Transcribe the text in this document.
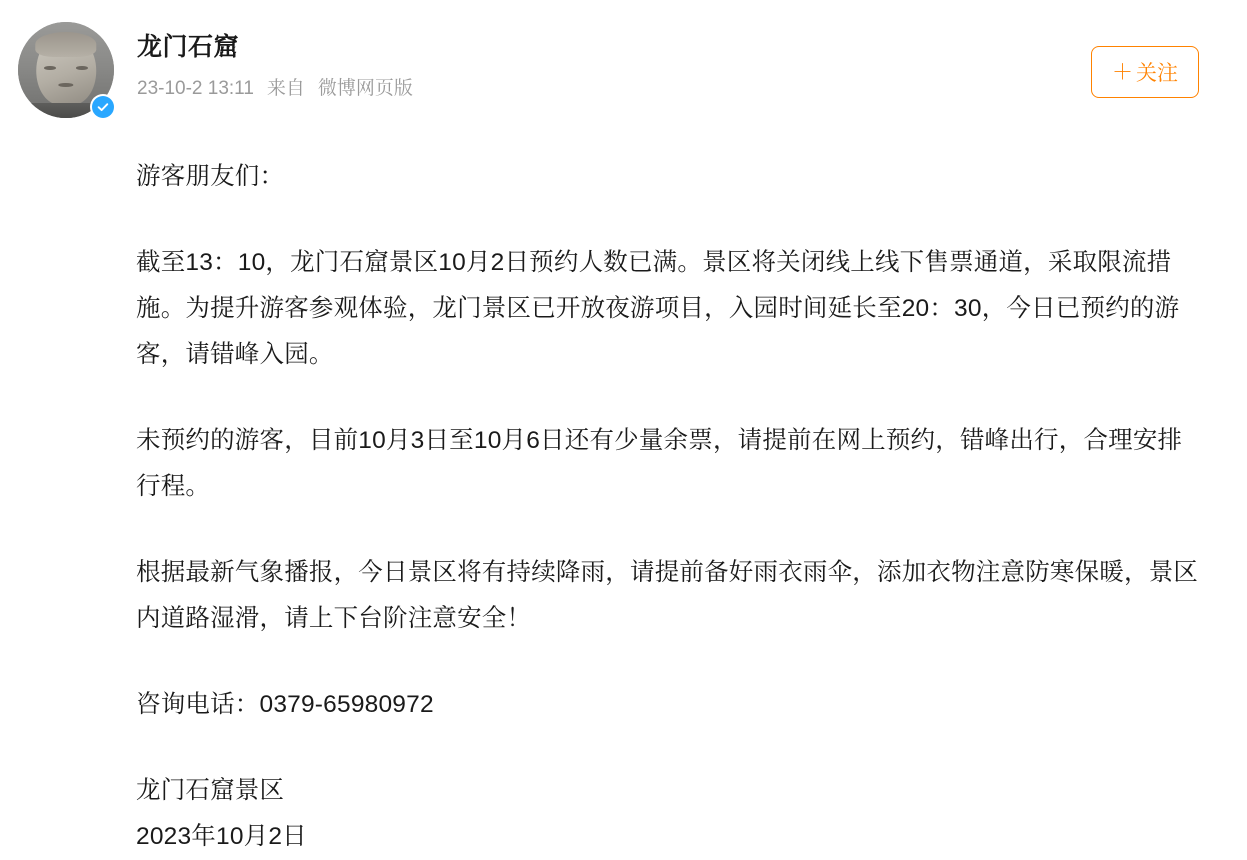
龙门石窟
23-10-2 13:11 来自 微博网页版
＋ 关注

游客朋友们：

截至13：10，龙门石窟景区10月2日预约人数已满。景区将关闭线上线下售票通道，采取限流措施。为提升游客参观体验，龙门景区已开放夜游项目，入园时间延长至20：30，今日已预约的游客，请错峰入园。

未预约的游客，目前10月3日至10月6日还有少量余票，请提前在网上预约，错峰出行，合理安排行程。

根据最新气象播报，今日景区将有持续降雨，请提前备好雨衣雨伞，添加衣物注意防寒保暖，景区内道路湿滑，请上下台阶注意安全！

咨询电话：0379-65980972

龙门石窟景区
2023年10月2日
